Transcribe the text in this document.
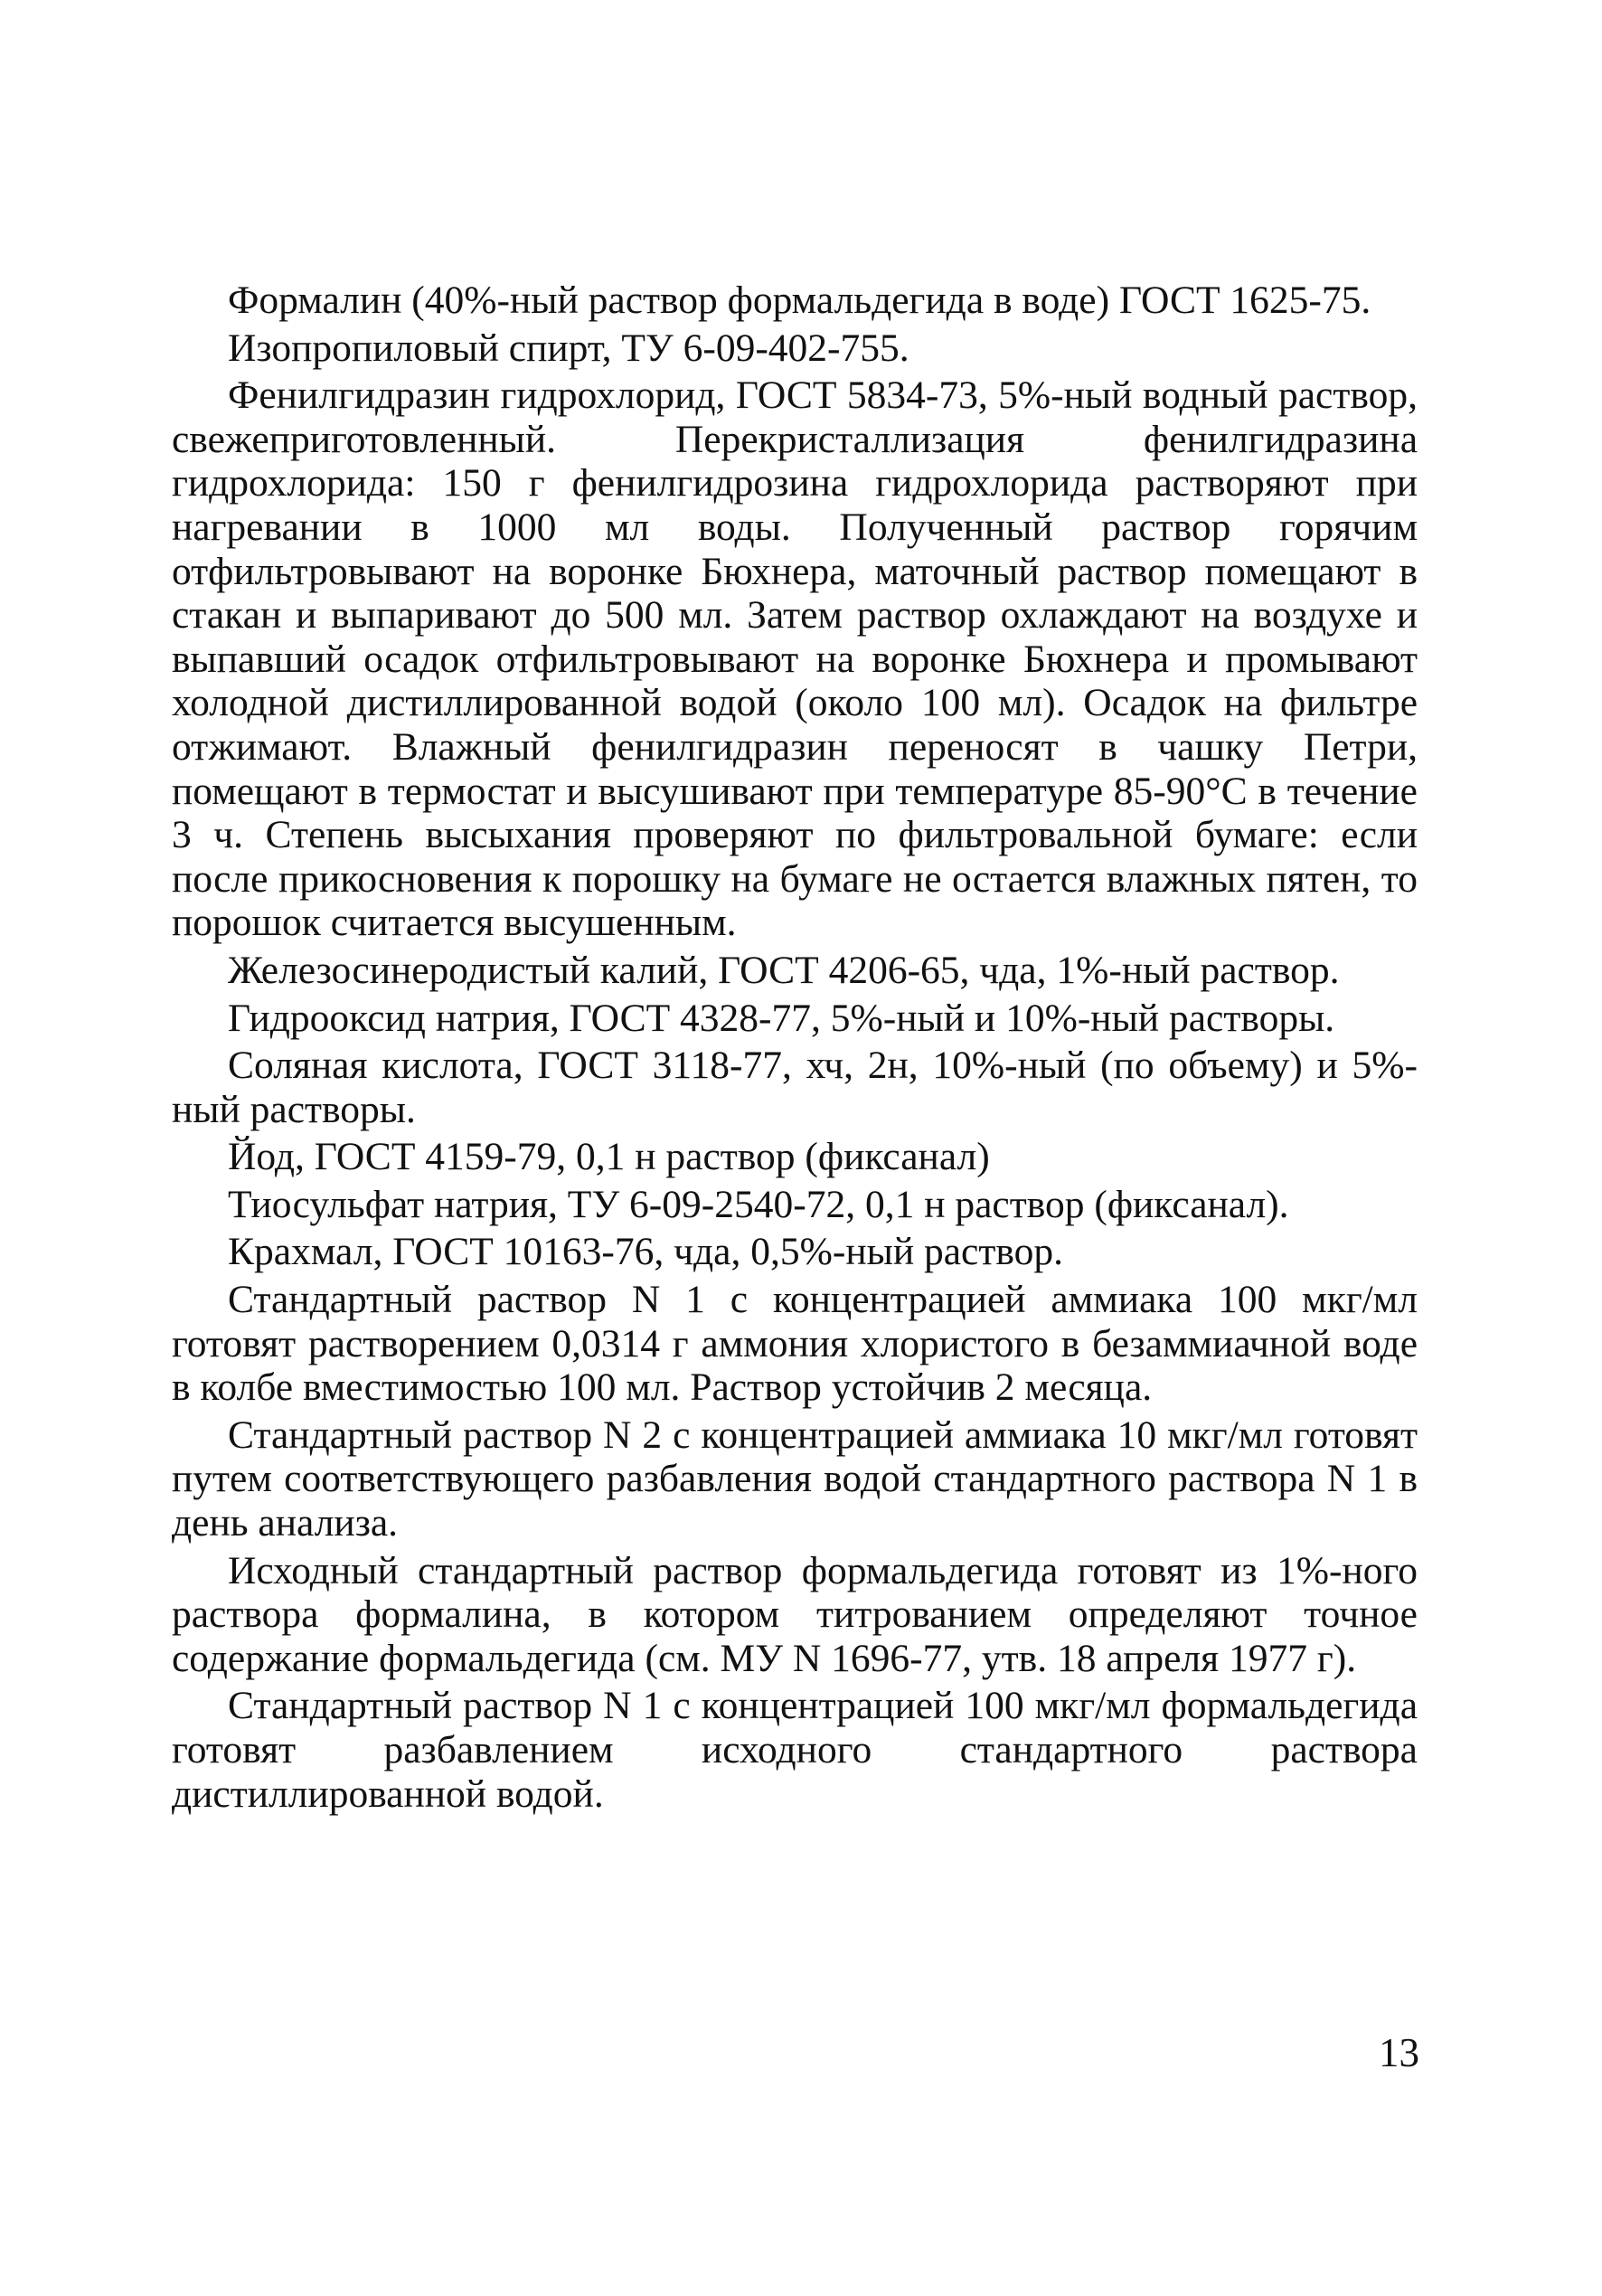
Формалин (40%-ный раствор формальдегида в воде) ГОСТ 1625-75.

Изопропиловый спирт, ТУ 6-09-402-755.

Фенилгидразин гидрохлорид, ГОСТ 5834-73, 5%-ный водный раствор, свежеприготовленный. Перекристаллизация фенилгидразина гидрохлорида: 150 г фенилгидрозина гидрохлорида растворяют при нагревании в 1000 мл воды. Полученный раствор горячим отфильтровывают на воронке Бюхнера, маточный раствор помещают в стакан и выпаривают до 500 мл. Затем раствор охлаждают на воздухе и выпавший осадок отфильтровывают на воронке Бюхнера и промывают холодной дистиллированной водой (около 100 мл). Осадок на фильтре отжимают. Влажный фенилгидразин переносят в чашку Петри, помещают в термостат и высушивают при температуре 85-90°С в течение 3 ч. Степень высыхания проверяют по фильтровальной бумаге: если после прикосновения к порошку на бумаге не остается влажных пятен, то порошок считается высушенным.

Железосинеродистый калий, ГОСТ 4206-65, чда, 1%-ный раствор.

Гидрооксид натрия, ГОСТ 4328-77, 5%-ный и 10%-ный растворы.

Соляная кислота, ГОСТ 3118-77, хч, 2н, 10%-ный (по объему) и 5%-ный растворы.

Йод, ГОСТ 4159-79, 0,1 н раствор (фиксанал)

Тиосульфат натрия, ТУ 6-09-2540-72, 0,1 н раствор (фиксанал).

Крахмал, ГОСТ 10163-76, чда, 0,5%-ный раствор.

Стандартный раствор N 1 с концентрацией аммиака 100 мкг/мл готовят растворением 0,0314 г аммония хлористого в безаммиачной воде в колбе вместимостью 100 мл. Раствор устойчив 2 месяца.

Стандартный раствор N 2 с концентрацией аммиака 10 мкг/мл готовят путем соответствующего разбавления водой стандартного раствора N 1 в день анализа.

Исходный стандартный раствор формальдегида готовят из 1%-ного раствора формалина, в котором титрованием определяют точное содержание формальдегида (см. МУ N 1696-77, утв. 18 апреля 1977 г).

Стандартный раствор N 1 с концентрацией 100 мкг/мл формальдегида готовят разбавлением исходного стандартного раствора дистиллированной водой.

13
